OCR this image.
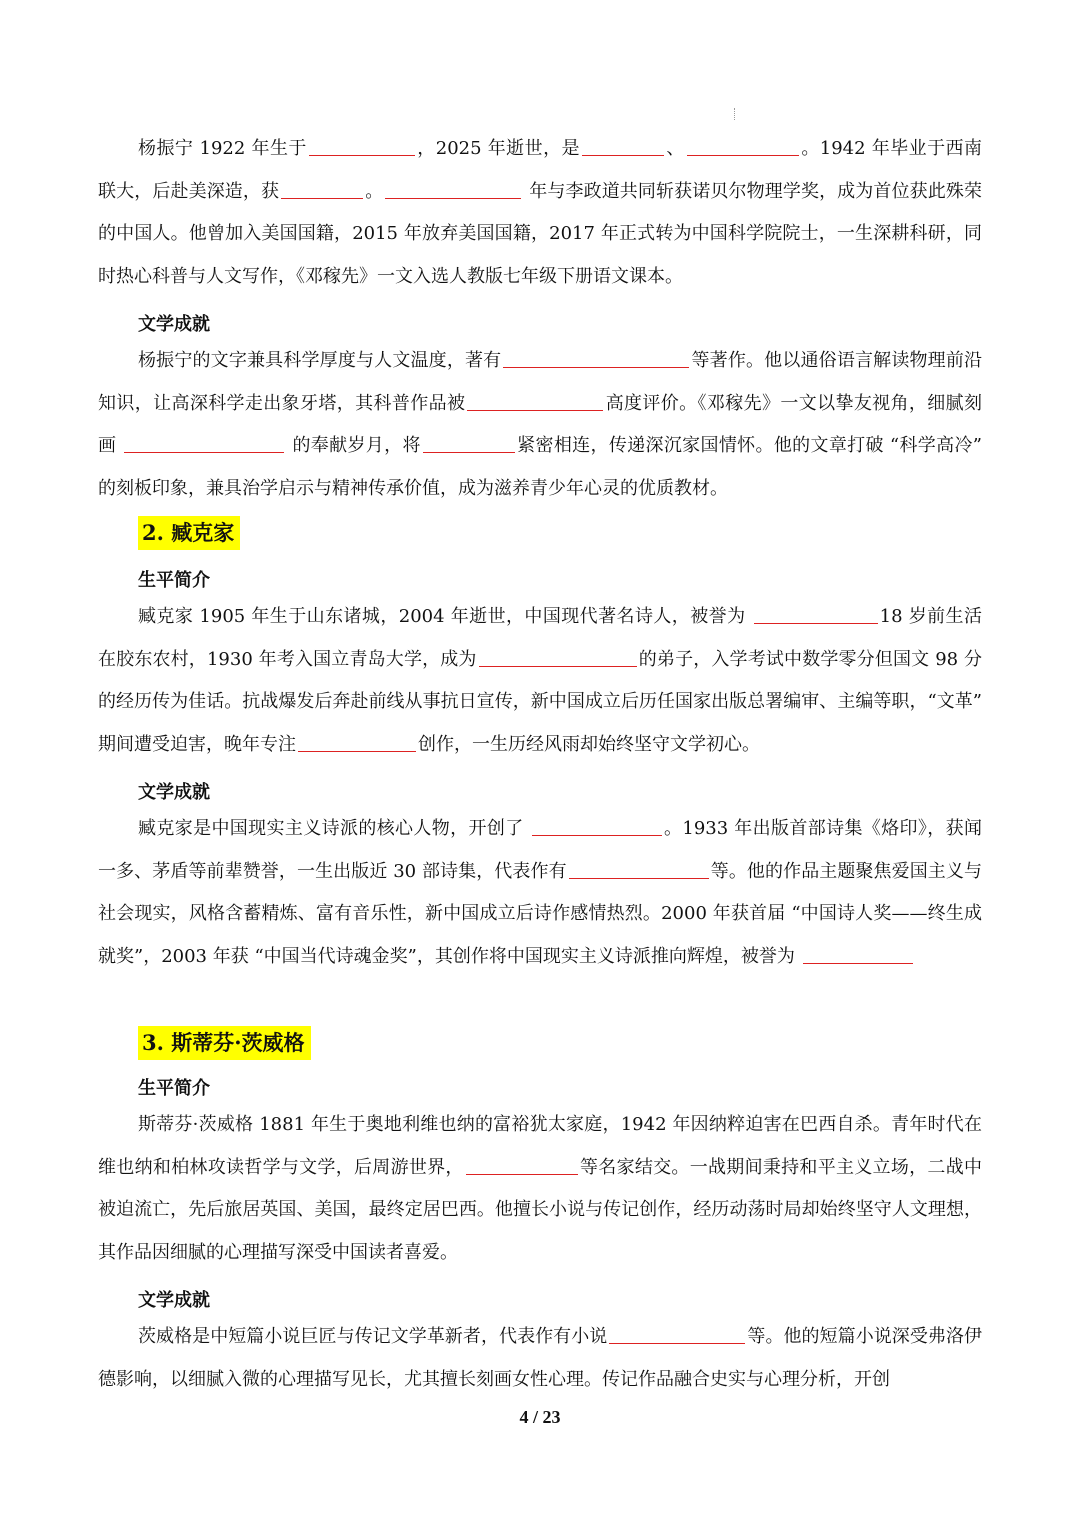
杨振宁 1922 年生于	，2025 年逝世，是	、	。1942 年毕业于西南联大，后赴美深造，获	。	年与李政道共同斩获诺贝尔物理学奖，成为首位获此殊荣的中国人。他曾加入美国国籍，2015 年放弃美国国籍，2017 年正式转为中国科学院院士，一生深耕科研，同时热心科普与人文写作，《邓稼先》一文入选人教版七年级下册语文课本。
文学成就
杨振宁的文字兼具科学厚度与人文温度，著有	等著作。他以通俗语言解读物理前沿知识，让高深科学走出象牙塔，其科普作品被	高度评价。《邓稼先》一文以挚友视角，细腻刻画	的奉献岁月，将	紧密相连，传递深沉家国情怀。他的文章打破 “科学高冷” 的刻板印象，兼具治学启示与精神传承价值，成为滋养青少年心灵的优质教材。
2. 臧克家
生平简介
臧克家 1905 年生于山东诸城，2004 年逝世，中国现代著名诗人，被誉为	18 岁前生活在胶东农村，1930 年考入国立青岛大学，成为	的弟子，入学考试中数学零分但国文 98 分的经历传为佳话。抗战爆发后奔赴前线从事抗日宣传，新中国成立后历任国家出版总署编审、主编等职，“文革” 期间遭受迫害，晚年专注	创作，一生历经风雨却始终坚守文学初心。
文学成就
臧克家是中国现实主义诗派的核心人物，开创了	。1933 年出版首部诗集《烙印》，获闻一多、茅盾等前辈赞誉，一生出版近 30 部诗集，代表作有	等。他的作品主题聚焦爱国主义与社会现实，风格含蓄精炼、富有音乐性，新中国成立后诗作感情热烈。2000 年获首届 “中国诗人奖——终生成就奖”，2003 年获 “中国当代诗魂金奖”，其创作将中国现实主义诗派推向辉煌，被誉为
3. 斯蒂芬·茨威格
生平简介
斯蒂芬·茨威格 1881 年生于奥地利维也纳的富裕犹太家庭，1942 年因纳粹迫害在巴西自杀。青年时代在维也纳和柏林攻读哲学与文学，后周游世界，	等名家结交。一战期间秉持和平主义立场，二战中被迫流亡，先后旅居英国、美国，最终定居巴西。他擅长小说与传记创作，经历动荡时局却始终坚守人文理想，其作品因细腻的心理描写深受中国读者喜爱。
文学成就
茨威格是中短篇小说巨匠与传记文学革新者，代表作有小说	等。他的短篇小说深受弗洛伊德影响，以细腻入微的心理描写见长，尤其擅长刻画女性心理。传记作品融合史实与心理分析，开创
4 / 23
